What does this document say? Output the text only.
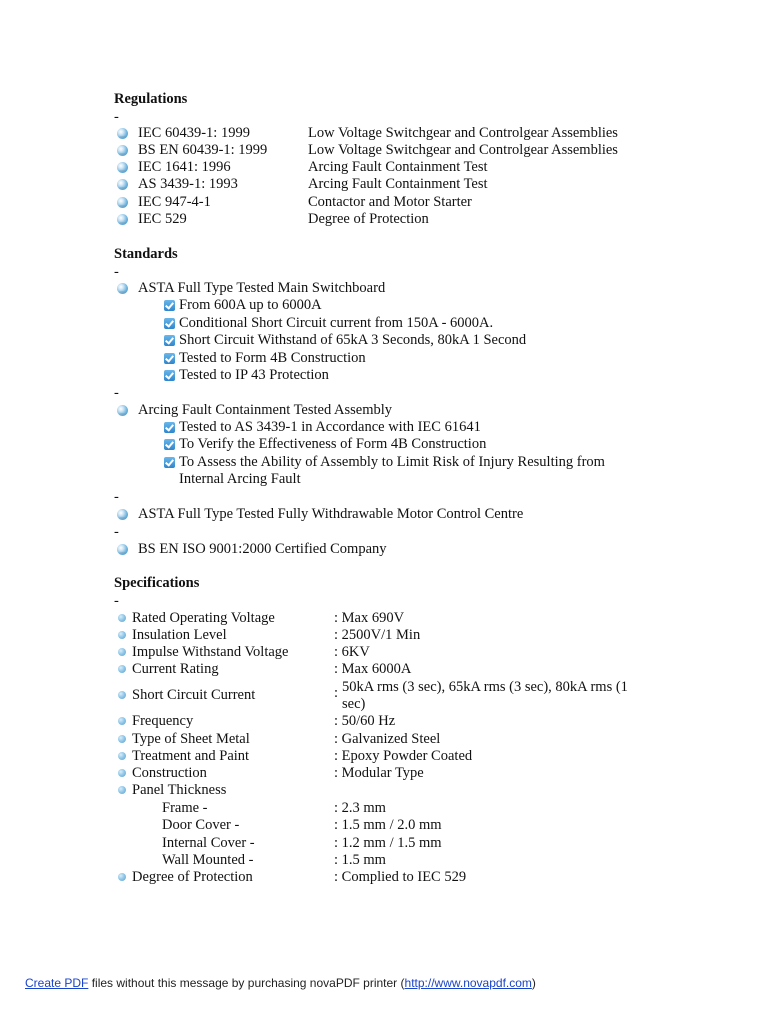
Regulations
-
IEC 60439-1: 1999	Low Voltage Switchgear and Controlgear Assemblies
BS EN 60439-1: 1999	Low Voltage Switchgear and Controlgear Assemblies
IEC 1641: 1996	Arcing Fault Containment Test
AS 3439-1: 1993	Arcing Fault Containment Test
IEC 947-4-1	Contactor and Motor Starter
IEC 529	Degree of Protection
Standards
-
ASTA Full Type Tested Main Switchboard
From 600A up to 6000A
Conditional Short Circuit current from 150A - 6000A.
Short Circuit Withstand of 65kA 3 Seconds, 80kA 1 Second
Tested to Form 4B Construction
Tested to IP 43 Protection
-
Arcing Fault Containment Tested Assembly
Tested to AS 3439-1 in Accordance with IEC 61641
To Verify the Effectiveness of Form 4B Construction
To Assess the Ability of Assembly to Limit Risk of Injury Resulting from
Internal Arcing Fault
-
ASTA Full Type Tested Fully Withdrawable Motor Control Centre
-
BS EN ISO 9001:2000 Certified Company
Specifications
-
Rated Operating Voltage	: Max 690V
Insulation Level	: 2500V/1 Min
Impulse Withstand Voltage	: 6KV
Current Rating	: Max 6000A
Short Circuit Current	: 50kA rms (3 sec), 65kA rms (3 sec), 80kA rms (1
sec)
Frequency	: 50/60 Hz
Type of Sheet Metal	: Galvanized Steel
Treatment and Paint	: Epoxy Powder Coated
Construction	: Modular Type
Panel Thickness
Frame -	: 2.3 mm
Door Cover -	: 1.5 mm / 2.0 mm
Internal Cover -	: 1.2 mm / 1.5 mm
Wall Mounted -	: 1.5 mm
Degree of Protection	: Complied to IEC 529
Create PDF files without this message by purchasing novaPDF printer (http://www.novapdf.com)
